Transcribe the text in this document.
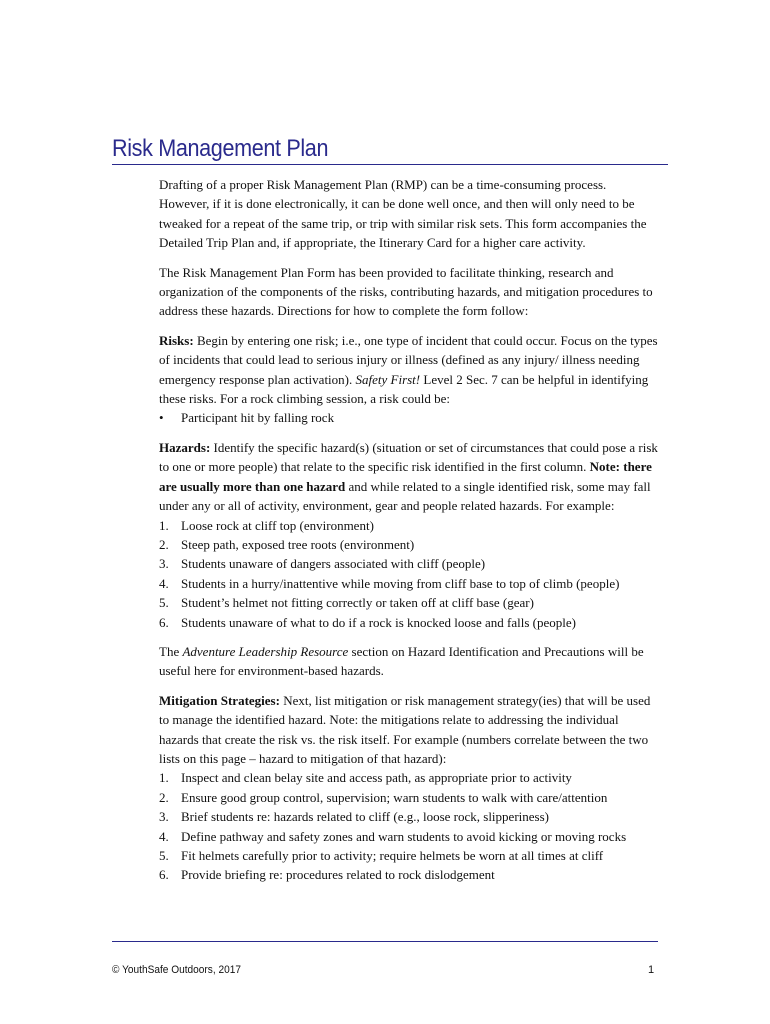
Risk Management Plan

Drafting of a proper Risk Management Plan (RMP) can be a time-consuming process. However, if it is done electronically, it can be done well once, and then will only need to be tweaked for a repeat of the same trip, or trip with similar risk sets. This form accompanies the Detailed Trip Plan and, if appropriate, the Itinerary Card for a higher care activity.

The Risk Management Plan Form has been provided to facilitate thinking, research and organization of the components of the risks, contributing hazards, and mitigation procedures to address these hazards. Directions for how to complete the form follow:

Risks: Begin by entering one risk; i.e., one type of incident that could occur. Focus on the types of incidents that could lead to serious injury or illness (defined as any injury/ illness needing emergency response plan activation). Safety First! Level 2 Sec. 7 can be helpful in identifying these risks. For a rock climbing session, a risk could be:

• Participant hit by falling rock

Hazards: Identify the specific hazard(s) (situation or set of circumstances that could pose a risk to one or more people) that relate to the specific risk identified in the first column. Note: there are usually more than one hazard and while related to a single identified risk, some may fall under any or all of activity, environment, gear and people related hazards. For example:

1. Loose rock at cliff top (environment)
2. Steep path, exposed tree roots (environment)
3. Students unaware of dangers associated with cliff (people)
4. Students in a hurry/inattentive while moving from cliff base to top of climb (people)
5. Student’s helmet not fitting correctly or taken off at cliff base (gear)
6. Students unaware of what to do if a rock is knocked loose and falls (people)

The Adventure Leadership Resource section on Hazard Identification and Precautions will be useful here for environment-based hazards.

Mitigation Strategies: Next, list mitigation or risk management strategy(ies) that will be used to manage the identified hazard. Note: the mitigations relate to addressing the individual hazards that create the risk vs. the risk itself. For example (numbers correlate between the two lists on this page – hazard to mitigation of that hazard):

1. Inspect and clean belay site and access path, as appropriate prior to activity
2. Ensure good group control, supervision; warn students to walk with care/attention
3. Brief students re: hazards related to cliff (e.g., loose rock, slipperiness)
4. Define pathway and safety zones and warn students to avoid kicking or moving rocks
5. Fit helmets carefully prior to activity; require helmets be worn at all times at cliff
6. Provide briefing re: procedures related to rock dislodgement
© YouthSafe Outdoors, 2017	1
